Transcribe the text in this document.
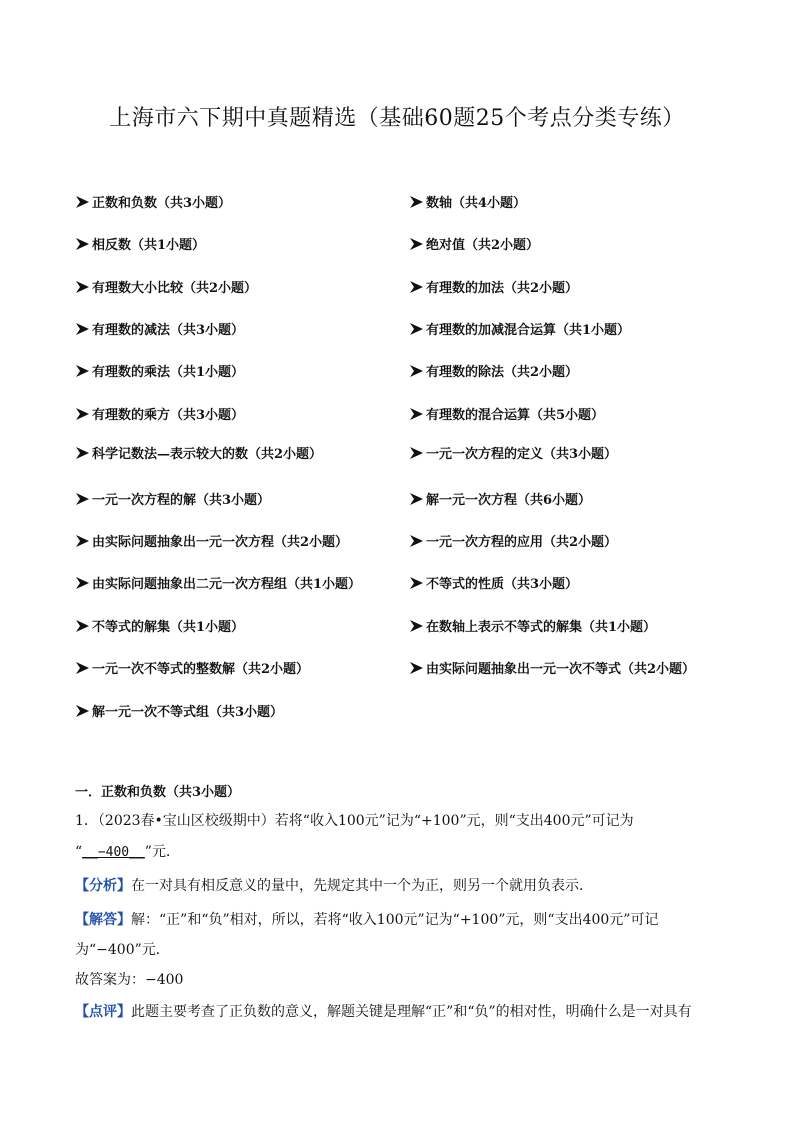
上海市六下期中真题精选（基础60题25个考点分类专练）
正数和负数（共3小题）	数轴（共4小题）
相反数（共1小题）	绝对值（共2小题）
有理数大小比较（共2小题）	有理数的加法（共2小题）
有理数的减法（共3小题）	有理数的加减混合运算（共1小题）
有理数的乘法（共1小题）	有理数的除法（共2小题）
有理数的乘方（共3小题）	有理数的混合运算（共5小题）
科学记数法—表示较大的数（共2小题）	一元一次方程的定义（共3小题）
一元一次方程的解（共3小题）	解一元一次方程（共6小题）
由实际问题抽象出一元一次方程（共2小题）	一元一次方程的应用（共2小题）
由实际问题抽象出二元一次方程组（共1小题）	不等式的性质（共3小题）
不等式的解集（共1小题）	在数轴上表示不等式的解集（共1小题）
一元一次不等式的整数解（共2小题）	由实际问题抽象出一元一次不等式（共2小题）
解一元一次不等式组（共3小题）
一．正数和负数（共3小题）
1．（2023春•宝山区校级期中）若将“收入100元”记为“+100”元，则“支出400元”可记为
“__−400__”元．
【分析】在一对具有相反意义的量中，先规定其中一个为正，则另一个就用负表示．
【解答】解：“正”和“负”相对，所以，若将“收入100元”记为“+100”元，则“支出400元”可记
为“−400”元．
故答案为：−400
【点评】此题主要考查了正负数的意义，解题关键是理解“正”和“负”的相对性，明确什么是一对具有
